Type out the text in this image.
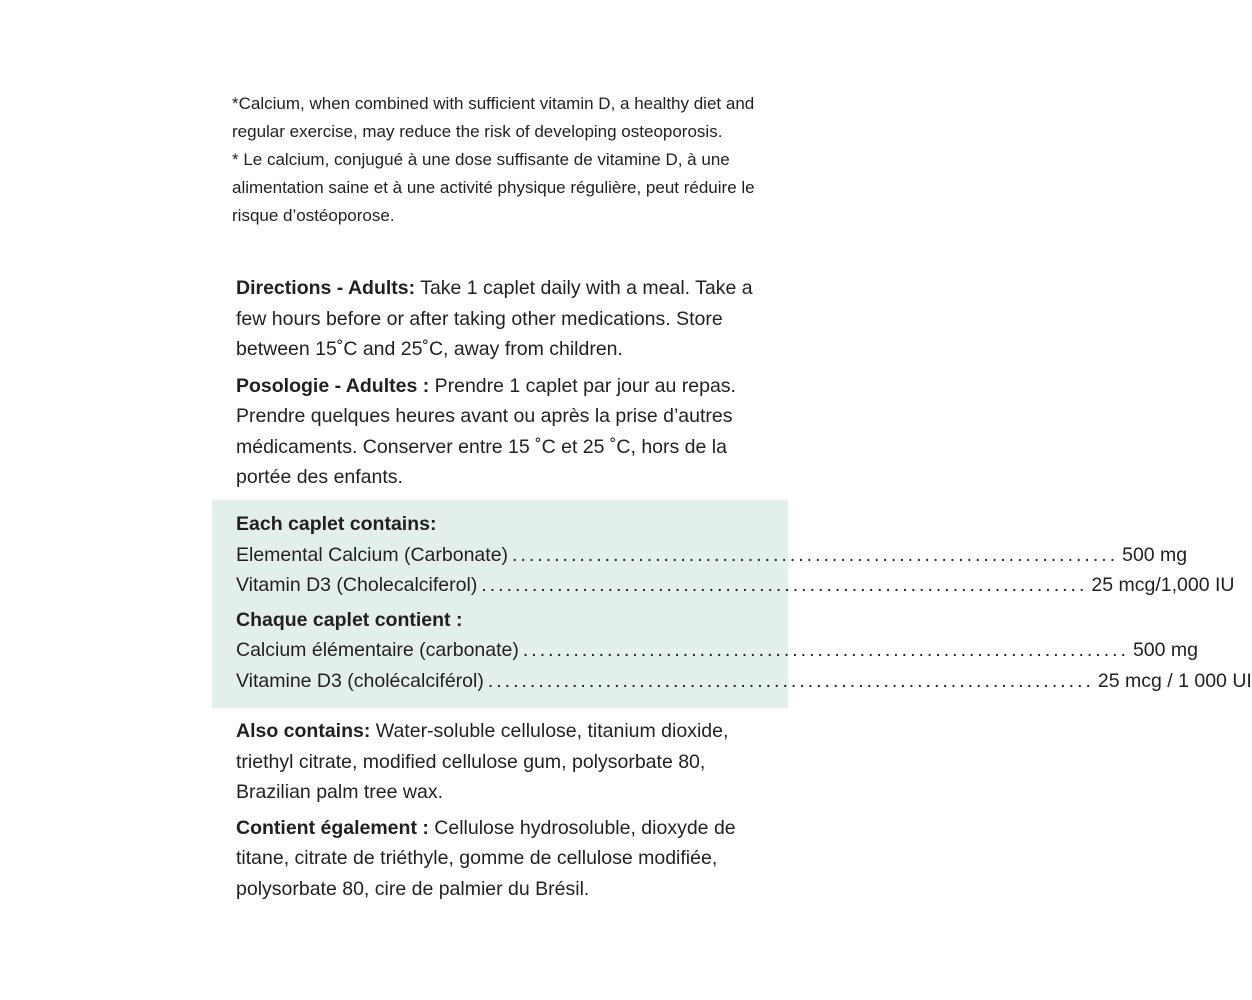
*Calcium, when combined with sufficient vitamin D, a healthy diet and regular exercise, may reduce the risk of developing osteoporosis.

* Le calcium, conjugué à une dose suffisante de vitamine D, à une alimentation saine et à une activité physique régulière, peut réduire le risque d’ostéoporose.

Directions - Adults: Take 1 caplet daily with a meal. Take a few hours before or after taking other medications. Store between 15˚C and 25˚C, away from children.

Posologie - Adultes : Prendre 1 caplet par jour au repas. Prendre quelques heures avant ou après la prise d’autres médicaments. Conserver entre 15 ˚C et 25 ˚C, hors de la portée des enfants.

Each caplet contains:
Elemental Calcium (Carbonate) ........................................................................ 500 mg
Vitamin D3 (Cholecalciferol) ........................................................................ 25 mcg/1,000 IU
Chaque caplet contient :
Calcium élémentaire (carbonate) ........................................................................ 500 mg
Vitamine D3 (cholécalciférol) ........................................................................ 25 mcg / 1 000 UI

Also contains: Water-soluble cellulose, titanium dioxide, triethyl citrate, modified cellulose gum, polysorbate 80, Brazilian palm tree wax.

Contient également : Cellulose hydrosoluble, dioxyde de titane, citrate de triéthyle, gomme de cellulose modifiée, polysorbate 80, cire de palmier du Brésil.
